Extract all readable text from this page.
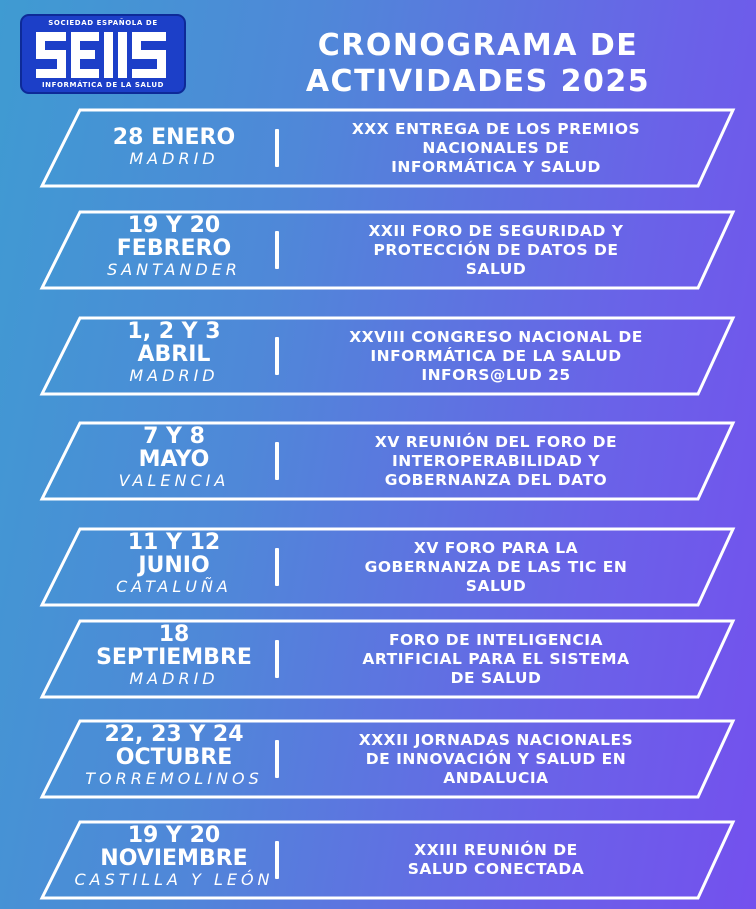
SOCIEDAD ESPAÑOLA DE
INFORMÁTICA DE LA SALUD
CRONOGRAMA DE
ACTIVIDADES 2025
28 ENERO
MADRID
XXX ENTREGA DE LOS PREMIOS
NACIONALES DE
INFORMÁTICA Y SALUD
19 Y 20
FEBRERO
SANTANDER
XXII FORO DE SEGURIDAD Y
PROTECCIÓN DE DATOS DE
SALUD
1, 2 Y 3
ABRIL
MADRID
XXVIII CONGRESO NACIONAL DE
INFORMÁTICA DE LA SALUD
INFORS@LUD 25
7 Y 8
MAYO
VALENCIA
XV REUNIÓN DEL FORO DE
INTEROPERABILIDAD Y
GOBERNANZA DEL DATO
11 Y 12
JUNIO
CATALUÑA
XV FORO PARA LA
GOBERNANZA DE LAS TIC EN
SALUD
18
SEPTIEMBRE
MADRID
FORO DE INTELIGENCIA
ARTIFICIAL PARA EL SISTEMA
DE SALUD
22, 23 Y 24
OCTUBRE
TORREMOLINOS
XXXII JORNADAS NACIONALES
DE INNOVACIÓN Y SALUD EN
ANDALUCIA
19 Y 20
NOVIEMBRE
CASTILLA Y LEÓN
XXIII REUNIÓN DE
SALUD CONECTADA
